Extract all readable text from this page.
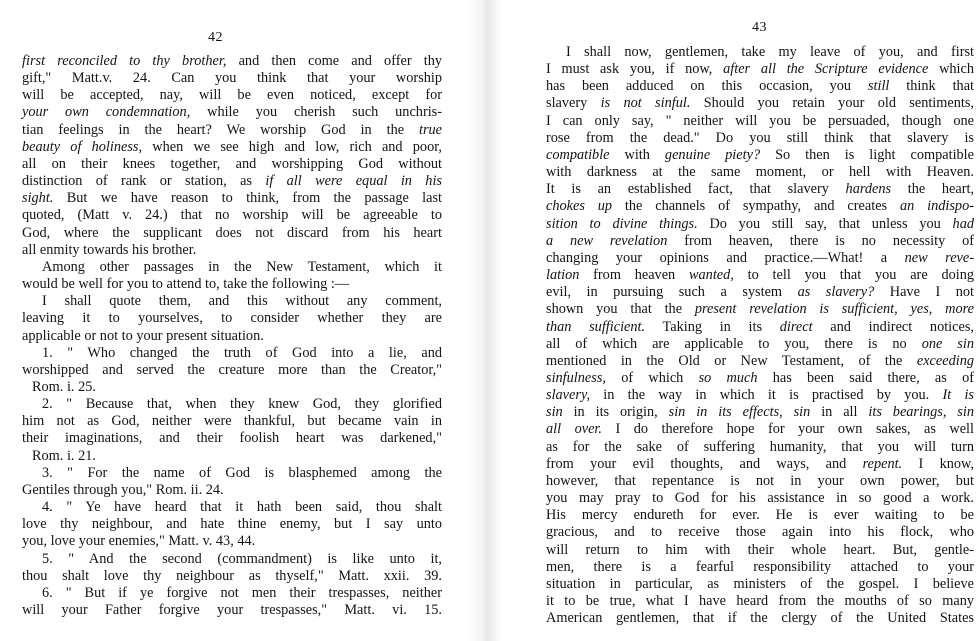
42
first reconciled to thy brother, and then come and offer thy
gift," Matt.v. 24. Can you think that your worship
will be accepted, nay, will be even noticed, except for
your own condemnation, while you cherish such unchris-
tian feelings in the heart? We worship God in the true
beauty of holiness, when we see high and low, rich and poor,
all on their knees together, and worshipping God without
distinction of rank or station, as if all were equal in his
sight. But we have reason to think, from the passage last
quoted, (Matt v. 24.) that no worship will be agreeable to
God, where the supplicant does not discard from his heart
all enmity towards his brother.
Among other passages in the New Testament, which it
would be well for you to attend to, take the following :—
I shall quote them, and this without any comment,
leaving it to yourselves, to consider whether they are
applicable or not to your present situation.
1. " Who changed the truth of God into a lie, and
worshipped and served the creature more than the Creator,"
Rom. i. 25.
2. " Because that, when they knew God, they glorified
him not as God, neither were thankful, but became vain in
their imaginations, and their foolish heart was darkened,"
Rom. i. 21.
3. " For the name of God is blasphemed among the
Gentiles through you," Rom. ii. 24.
4. " Ye have heard that it hath been said, thou shalt
love thy neighbour, and hate thine enemy, but I say unto
you, love your enemies," Matt. v. 43, 44.
5. " And the second (commandment) is like unto it,
thou shalt love thy neighbour as thyself," Matt. xxii. 39.
6. " But if ye forgive not men their trespasses, neither
will your Father forgive your trespasses," Matt. vi. 15.
43
I shall now, gentlemen, take my leave of you, and first
I must ask you, if now, after all the Scripture evidence which
has been adduced on this occasion, you still think that
slavery is not sinful. Should you retain your old sentiments,
I can only say, " neither will you be persuaded, though one
rose from the dead." Do you still think that slavery is
compatible with genuine piety? So then is light compatible
with darkness at the same moment, or hell with Heaven.
It is an established fact, that slavery hardens the heart,
chokes up the channels of sympathy, and creates an indispo-
sition to divine things. Do you still say, that unless you had
a new revelation from heaven, there is no necessity of
changing your opinions and practice.—What! a new reve-
lation from heaven wanted, to tell you that you are doing
evil, in pursuing such a system as slavery? Have I not
shown you that the present revelation is sufficient, yes, more
than sufficient. Taking in its direct and indirect notices,
all of which are applicable to you, there is no one sin
mentioned in the Old or New Testament, of the exceeding
sinfulness, of which so much has been said there, as of
slavery, in the way in which it is practised by you. It is
sin in its origin, sin in its effects, sin in all its bearings, sin
all over. I do therefore hope for your own sakes, as well
as for the sake of suffering humanity, that you will turn
from your evil thoughts, and ways, and repent. I know,
however, that repentance is not in your own power, but
you may pray to God for his assistance in so good a work.
His mercy endureth for ever. He is ever waiting to be
gracious, and to receive those again into his flock, who
will return to him with their whole heart. But, gentle-
men, there is a fearful responsibility attached to your
situation in particular, as ministers of the gospel. I believe
it to be true, what I have heard from the mouths of so many
American gentlemen, that if the clergy of the United States
